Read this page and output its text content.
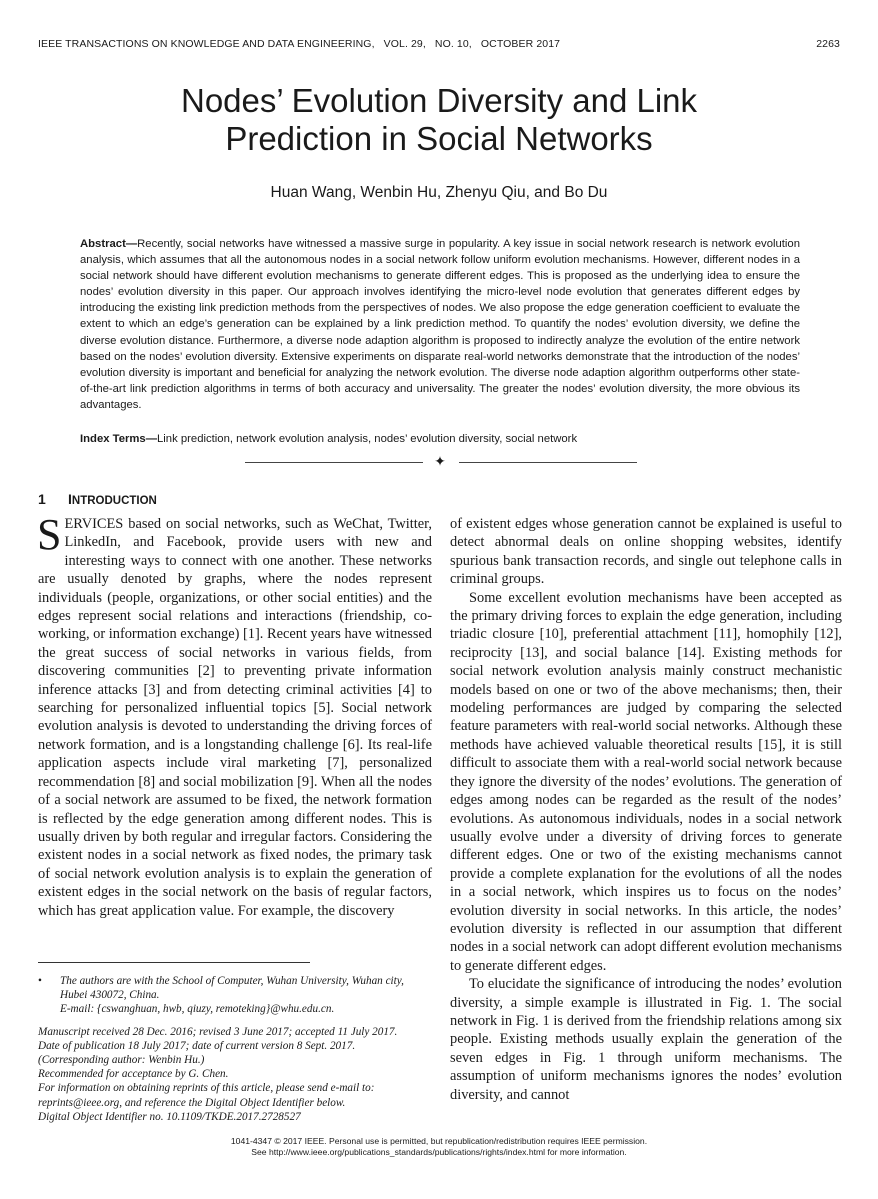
IEEE TRANSACTIONS ON KNOWLEDGE AND DATA ENGINEERING,   VOL. 29,   NO. 10,   OCTOBER 2017	2263
Nodes’ Evolution Diversity and Link
Prediction in Social Networks
Huan Wang, Wenbin Hu, Zhenyu Qiu, and Bo Du
Abstract—Recently, social networks have witnessed a massive surge in popularity. A key issue in social network research is network evolution analysis, which assumes that all the autonomous nodes in a social network follow uniform evolution mechanisms. However, different nodes in a social network should have different evolution mechanisms to generate different edges. This is proposed as the underlying idea to ensure the nodes’ evolution diversity in this paper. Our approach involves identifying the micro-level node evolution that generates different edges by introducing the existing link prediction methods from the perspectives of nodes. We also propose the edge generation coefficient to evaluate the extent to which an edge’s generation can be explained by a link prediction method. To quantify the nodes’ evolution diversity, we define the diverse evolution distance. Furthermore, a diverse node adaption algorithm is proposed to indirectly analyze the evolution of the entire network based on the nodes’ evolution diversity. Extensive experiments on disparate real-world networks demonstrate that the introduction of the nodes’ evolution diversity is important and beneficial for analyzing the network evolution. The diverse node adaption algorithm outperforms other state-of-the-art link prediction algorithms in terms of both accuracy and universality. The greater the nodes’ evolution diversity, the more obvious its advantages.
Index Terms—Link prediction, network evolution analysis, nodes’ evolution diversity, social network
✦
1 INTRODUCTION

SERVICES based on social networks, such as WeChat, Twitter, LinkedIn, and Facebook, provide users with new and interesting ways to connect with one another. These networks are usually denoted by graphs, where the nodes represent individuals (people, organizations, or other social entities) and the edges represent social relations and interactions (friendship, co-working, or information exchange) [1]. Recent years have witnessed the great success of social networks in various fields, from discovering communities [2] to preventing private information inference attacks [3] and from detecting criminal activities [4] to searching for personalized influential topics [5]. Social network evolution analysis is devoted to understanding the driving forces of network formation, and is a longstanding challenge [6]. Its real-life application aspects include viral marketing [7], personalized recommendation [8] and social mobilization [9]. When all the nodes of a social network are assumed to be fixed, the network formation is reflected by the edge generation among different nodes. This is usually driven by both regular and irregular factors. Considering the existent nodes in a social network as fixed nodes, the primary task of social network evolution analysis is to explain the generation of existent edges in the social network on the basis of regular factors, which has great application value. For example, the discovery

of existent edges whose generation cannot be explained is useful to detect abnormal deals on online shopping websites, identify spurious bank transaction records, and single out telephone calls in criminal groups.

Some excellent evolution mechanisms have been accepted as the primary driving forces to explain the edge generation, including triadic closure [10], preferential attachment [11], homophily [12], reciprocity [13], and social balance [14]. Existing methods for social network evolution analysis mainly construct mechanistic models based on one or two of the above mechanisms; then, their modeling performances are judged by comparing the selected feature parameters with real-world social networks. Although these methods have achieved valuable theoretical results [15], it is still difficult to associate them with a real-world social network because they ignore the diversity of the nodes’ evolutions. The generation of edges among nodes can be regarded as the result of the nodes’ evolutions. As autonomous individuals, nodes in a social network usually evolve under a diversity of driving forces to generate different edges. One or two of the existing mechanisms cannot provide a complete explanation for the evolutions of all the nodes in a social network, which inspires us to focus on the nodes’ evolution diversity in social networks. In this article, the nodes’ evolution diversity is reflected in our assumption that different nodes in a social network can adopt different evolution mechanisms to generate different edges.

To elucidate the significance of introducing the nodes’ evolution diversity, a simple example is illustrated in Fig. 1. The social network in Fig. 1 is derived from the friendship relations among six people. Existing methods usually explain the generation of the seven edges in Fig. 1 through uniform mechanisms. The assumption of uniform mechanisms ignores the nodes’ evolution diversity, and cannot

• The authors are with the School of Computer, Wuhan University, Wuhan city, Hubei 430072, China.
E-mail: {cswanghuan, hwb, qiuzy, remoteking}@whu.edu.cn.
Manuscript received 28 Dec. 2016; revised 3 June 2017; accepted 11 July 2017.
Date of publication 18 July 2017; date of current version 8 Sept. 2017.
(Corresponding author: Wenbin Hu.)
Recommended for acceptance by G. Chen.
For information on obtaining reprints of this article, please send e-mail to: reprints@ieee.org, and reference the Digital Object Identifier below.
Digital Object Identifier no. 10.1109/TKDE.2017.2728527
1041-4347 © 2017 IEEE. Personal use is permitted, but republication/redistribution requires IEEE permission.
See http://www.ieee.org/publications_standards/publications/rights/index.html for more information.
